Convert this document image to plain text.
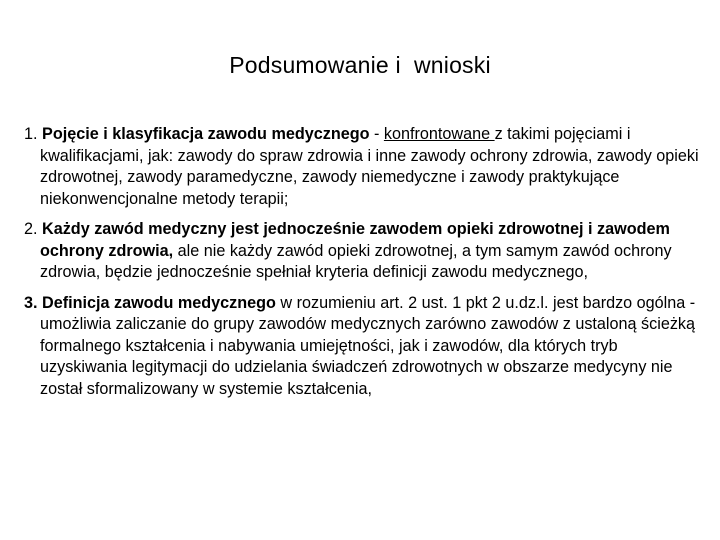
Podsumowanie i  wnioski

1. Pojęcie i klasyfikacja zawodu medycznego - konfrontowane z takimi pojęciami i kwalifikacjami, jak: zawody do spraw zdrowia i inne zawody ochrony zdrowia, zawody opieki zdrowotnej, zawody paramedyczne, zawody niemedyczne i zawody praktykujące niekonwencjonalne metody terapii;

2. Każdy zawód medyczny jest jednocześnie zawodem opieki zdrowotnej i zawodem ochrony zdrowia, ale nie każdy zawód opieki zdrowotnej, a tym samym zawód ochrony zdrowia, będzie jednocześnie spełniał kryteria definicji zawodu medycznego,

3. Definicja zawodu medycznego w rozumieniu art. 2 ust. 1 pkt 2 u.dz.l. jest bardzo ogólna - umożliwia zaliczanie do grupy zawodów medycznych zarówno zawodów z ustaloną ścieżką formalnego kształcenia i nabywania umiejętności, jak i zawodów, dla których tryb uzyskiwania legitymacji do udzielania świadczeń zdrowotnych w obszarze medycyny nie został sformalizowany w systemie kształcenia,
